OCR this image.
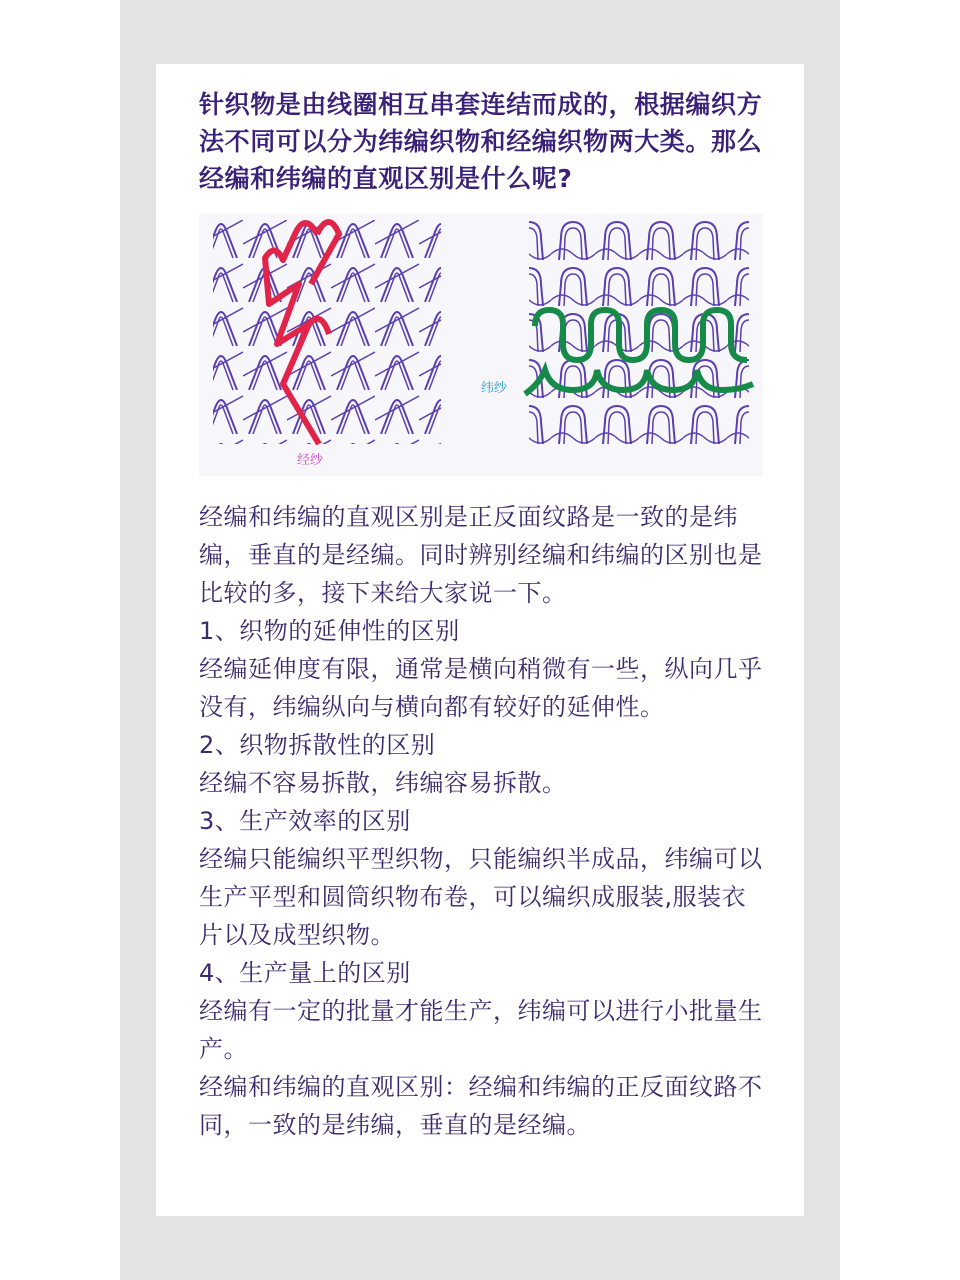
针织物是由线圈相互串套连结而成的，根据编织方法不同可以分为纬编织物和经编织物两大类。那么经编和纬编的直观区别是什么呢?
经纱
纬纱

经编和纬编的直观区别是正反面纹路是一致的是纬编，垂直的是经编。同时辨别经编和纬编的区别也是比较的多，接下来给大家说一下。

1、织物的延伸性的区别

经编延伸度有限，通常是横向稍微有一些，纵向几乎没有，纬编纵向与横向都有较好的延伸性。

2、织物拆散性的区别

经编不容易拆散，纬编容易拆散。

3、生产效率的区别

经编只能编织平型织物，只能编织半成品，纬编可以生产平型和圆筒织物布卷，可以编织成服装,服装衣片以及成型织物。

4、生产量上的区别

经编有一定的批量才能生产，纬编可以进行小批量生产。

经编和纬编的直观区别：经编和纬编的正反面纹路不同，一致的是纬编，垂直的是经编。
